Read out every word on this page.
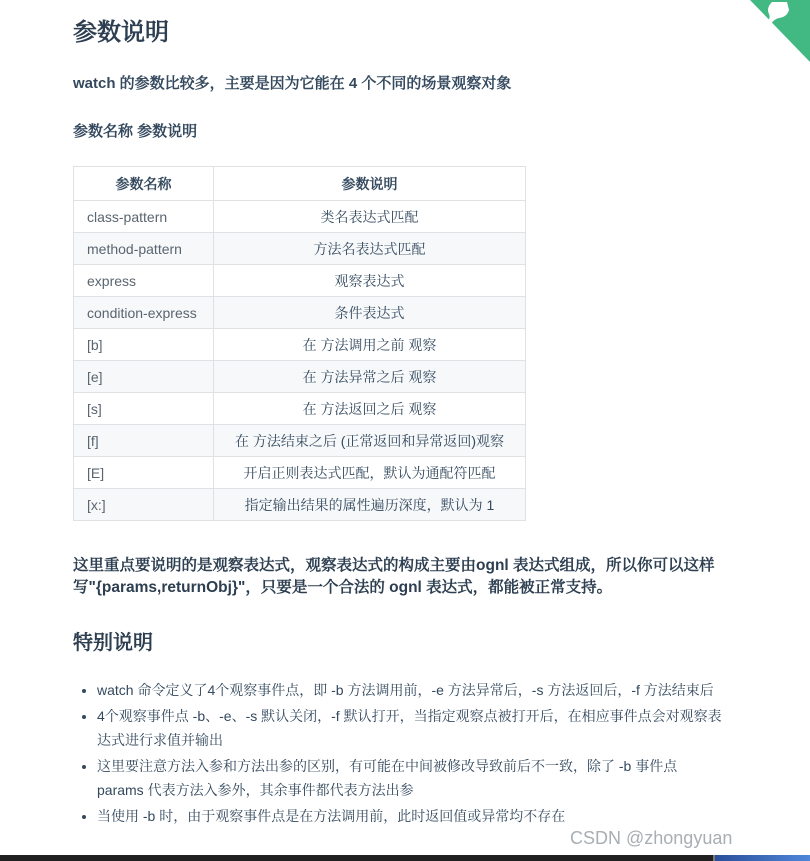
参数说明

watch 的参数比较多，主要是因为它能在 4 个不同的场景观察对象

参数名称 参数说明

参数名称	参数说明
class-pattern	类名表达式匹配
method-pattern	方法名表达式匹配
express	观察表达式
condition-express	条件表达式
[b]	在 方法调用之前 观察
[e]	在 方法异常之后 观察
[s]	在 方法返回之后 观察
[f]	在 方法结束之后 (正常返回和异常返回)观察
[E]	开启正则表达式匹配，默认为通配符匹配
[x:]	指定输出结果的属性遍历深度，默认为 1

这里重点要说明的是观察表达式，观察表达式的构成主要由ognl 表达式组成，所以你可以这样写"{params,returnObj}"，只要是一个合法的 ognl 表达式，都能被正常支持。

特别说明
• watch 命令定义了4个观察事件点，即 -b 方法调用前，-e 方法异常后，-s 方法返回后，-f 方法结束后
• 4个观察事件点 -b、-e、-s 默认关闭，-f 默认打开，当指定观察点被打开后，在相应事件点会对观察表达式进行求值并输出
• 这里要注意方法入参和方法出参的区别，有可能在中间被修改导致前后不一致，除了 -b 事件点 params 代表方法入参外，其余事件都代表方法出参
• 当使用 -b 时，由于观察事件点是在方法调用前，此时返回值或异常均不存在
CSDN @zhongyuan
